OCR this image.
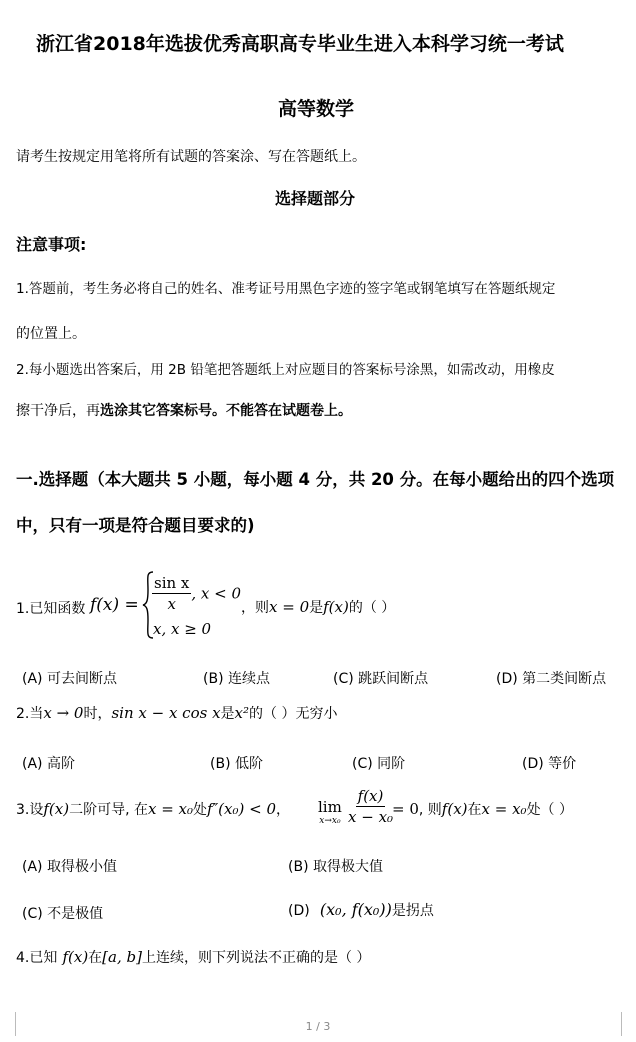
浙江省2018年选拔优秀高职高专毕业生进入本科学习统一考试
高等数学
请考生按规定用笔将所有试题的答案涂、写在答题纸上。
选择题部分
注意事项:
1.答题前，考生务必将自己的姓名、准考证号用黑色字迹的签字笔或钢笔填写在答题纸规定
的位置上。
2.每小题选出答案后，用 2B 铅笔把答题纸上对应题目的答案标号涂黑，如需改动，用橡皮
擦干净后，再选涂其它答案标号。不能答在试题卷上。
一.选择题（本大题共 5 小题，每小题 4 分，共 20 分。在每小题给出的四个选项
中，只有一项是符合题目要求的)
1.已知函数 $f(x) = \frac{\text{sin x}}{x}$ , x < 0
x, x ≥ 0
，则x = 0是f(x)的（ ）
(A) 可去间断点	(B) 连续点	(C) 跳跃间断点	(D) 第二类间断点
2.当x → 0时，sin x − x cos x是x²的（ ）无穷小
(A) 高阶	(B) 低阶	(C) 同阶	(D) 等价
3.设f(x)二阶可导, 在x = x₀处f″(x₀) < 0， lim
$x\to x_0 \frac{f(x)}{\text{x − x₀}}$
= 0, 则f(x)在x = x₀处（ ）
(A) 取得极小值	(B) 取得极大值
(C) 不是极值	(D) (x₀, f(x₀))是拐点
4.已知 f(x)在[a, b]上连续，则下列说法不正确的是（ ）
1 / 3
